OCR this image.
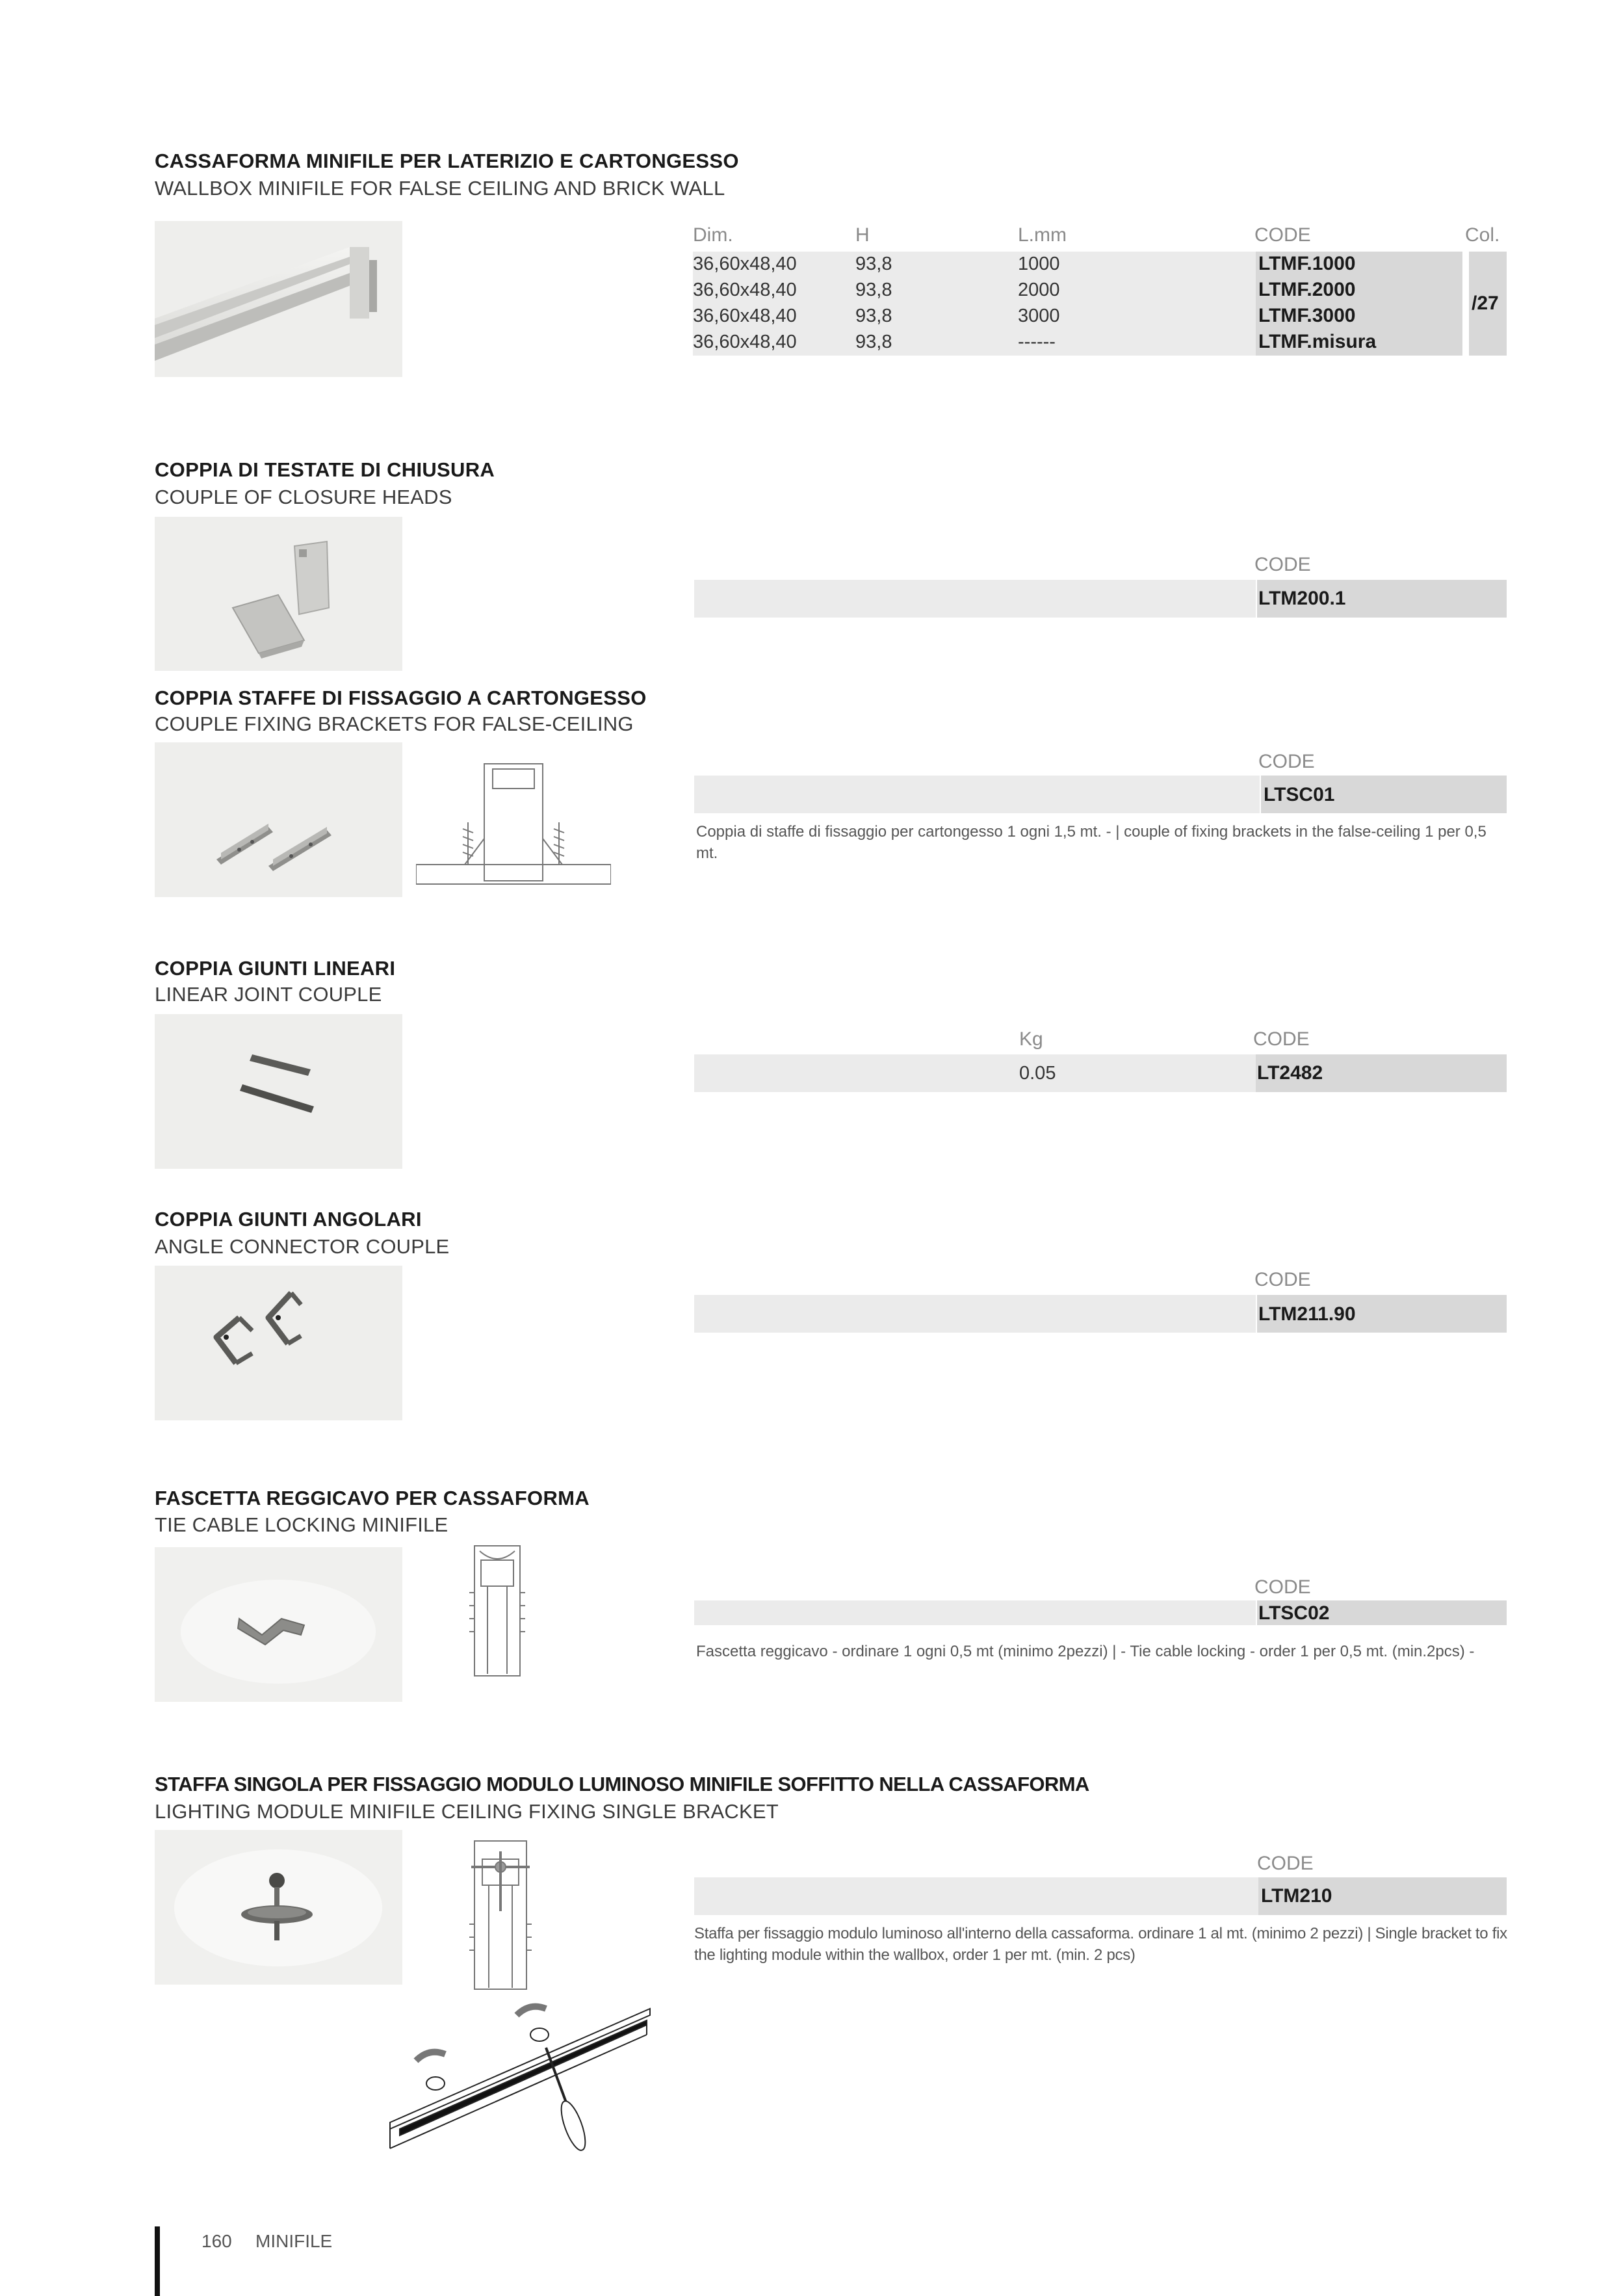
CASSAFORMA MINIFILE PER LATERIZIO E CARTONGESSO
WALLBOX MINIFILE FOR FALSE CEILING AND BRICK WALL
Dim.	H	L.mm	CODE	Col.
36,60x48,40	93,8	1000	LTMF.1000
36,60x48,40	93,8	2000	LTMF.2000
36,60x48,40	93,8	3000	LTMF.3000
36,60x48,40	93,8	------	LTMF.misura
/27
COPPIA DI TESTATE DI CHIUSURA
COUPLE OF CLOSURE HEADS
CODE
LTM200.1
COPPIA STAFFE DI FISSAGGIO A CARTONGESSO
COUPLE FIXING BRACKETS FOR FALSE-CEILING
CODE
LTSC01
Coppia di staffe di fissaggio per cartongesso 1 ogni 1,5 mt. - | couple of fixing brackets in the false-ceiling 1 per 0,5 mt.
COPPIA GIUNTI LINEARI
LINEAR JOINT COUPLE
Kg	CODE
0.05	LT2482
COPPIA GIUNTI ANGOLARI
ANGLE CONNECTOR COUPLE
CODE
LTM211.90
FASCETTA REGGICAVO PER CASSAFORMA
TIE CABLE LOCKING MINIFILE
CODE
LTSC02
Fascetta reggicavo - ordinare 1 ogni 0,5 mt (minimo 2pezzi) | - Tie cable locking - order 1 per 0,5 mt. (min.2pcs) -
STAFFA SINGOLA PER FISSAGGIO MODULO LUMINOSO MINIFILE SOFFITTO NELLA CASSAFORMA
LIGHTING MODULE MINIFILE CEILING FIXING SINGLE BRACKET
CODE
LTM210
Staffa per fissaggio modulo luminoso all'interno della cassaforma. ordinare 1 al mt. (minimo 2 pezzi) | Single bracket to fix the lighting module within the wallbox, order 1 per mt. (min. 2 pcs)
160 MINIFILE
